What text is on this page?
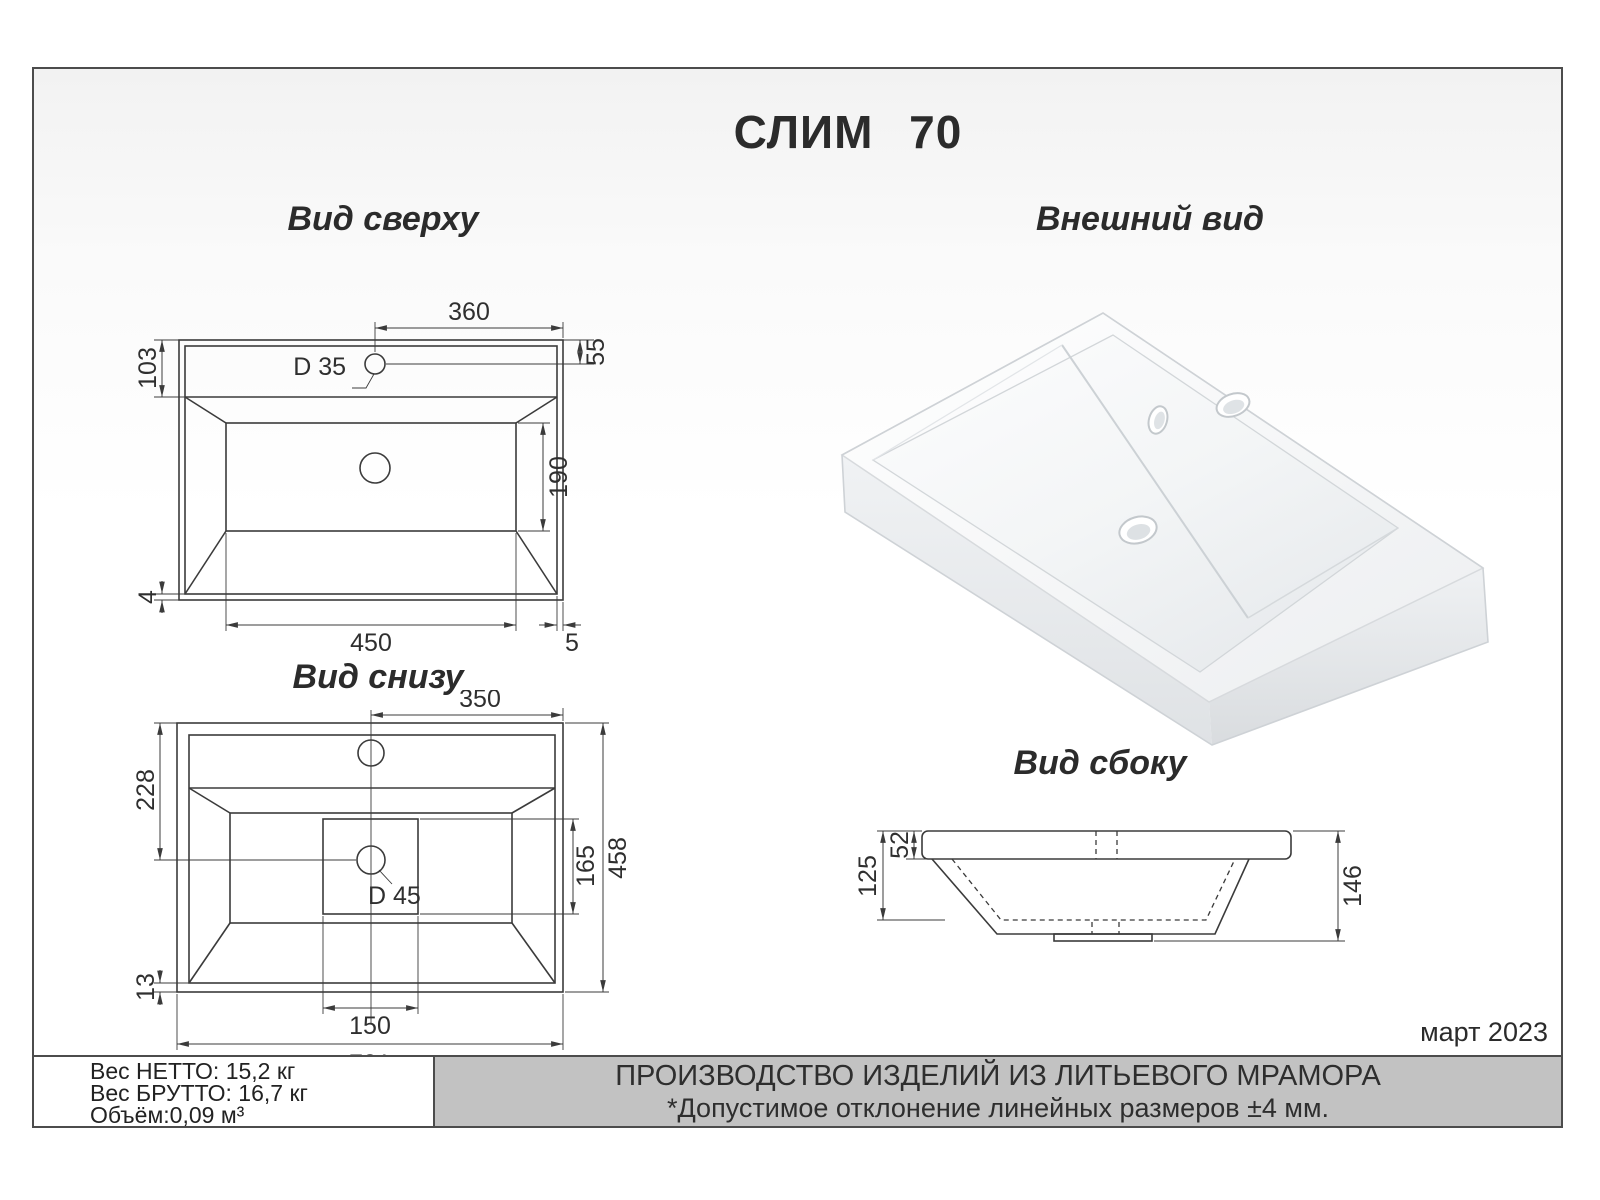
СЛИМ 70
Вид сверху	Внешний вид
Вид снизу
Вид сбоку
март 2023
360
55
103
190
4
450	5
D 35
350
228
458
165
13
150
D 45
52
125	146
Вес НЕТТО: 15,2 кг
Вес БРУТТО: 16,7 кг
Объём:0,09 м³
ПРОИЗВОДСТВО ИЗДЕЛИЙ ИЗ ЛИТЬЕВОГО МРАМОРА
*Допустимое отклонение линейных размеров ±4 мм.
